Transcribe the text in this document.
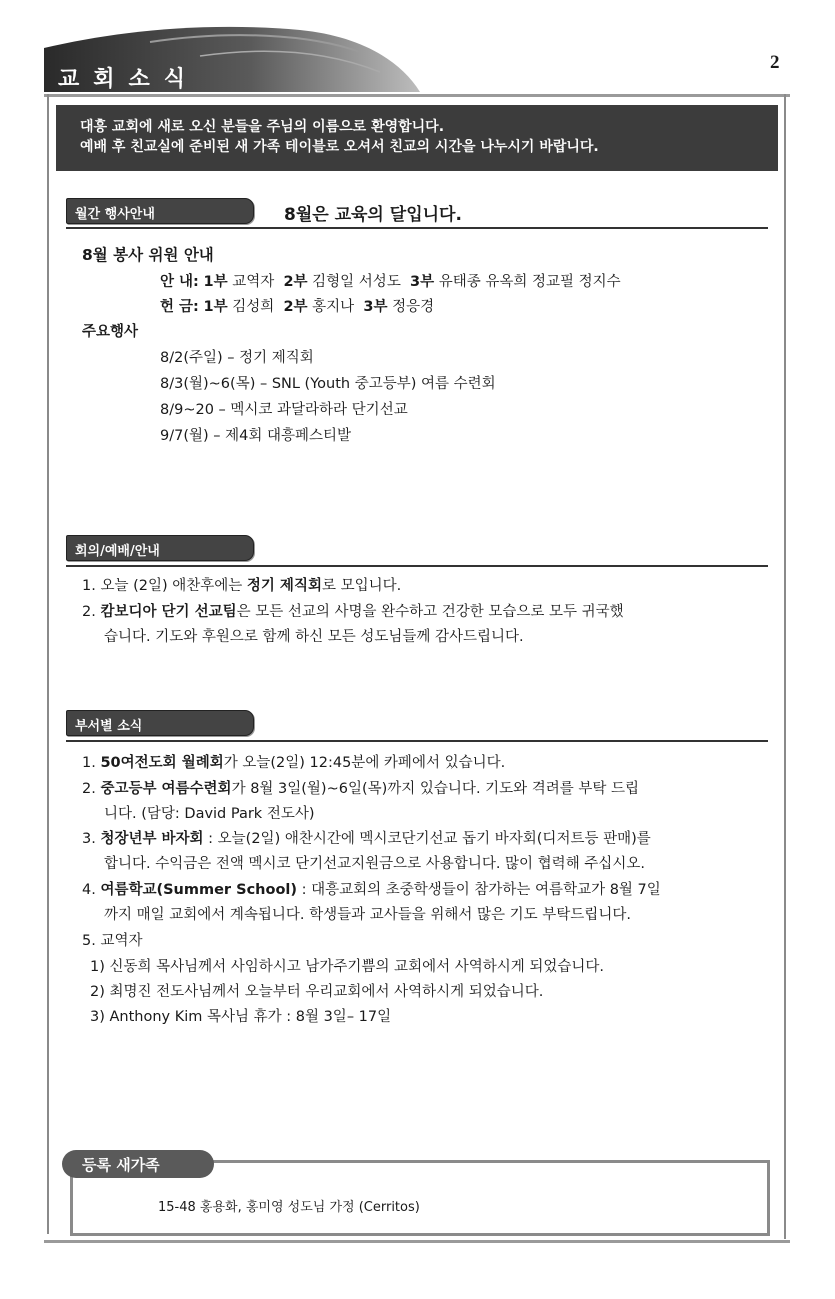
교회소식
2
대흥 교회에 새로 오신 분들을 주님의 이름으로 환영합니다.
예배 후 친교실에 준비된 새 가족 테이블로 오셔서 친교의 시간을 나누시기 바랍니다.
월간 행사안내	8월은 교육의 달입니다.
8월 봉사 위원 안내
안 내: 1부 교역자 2부 김형일 서성도 3부 유태종 유옥희 정교필 정지수
헌 금: 1부 김성희 2부 홍지나 3부 정응경
주요행사
8/2(주일) – 정기 제직회
8/3(월)~6(목) – SNL (Youth 중고등부) 여름 수련회
8/9~20 – 멕시코 과달라하라 단기선교
9/7(월) – 제4회 대흥페스티발
회의/예배/안내
1. 오늘 (2일) 애찬후에는 정기 제직회로 모입니다.
2. 캄보디아 단기 선교팀은 모든 선교의 사명을 완수하고 건강한 모습으로 모두 귀국했
습니다. 기도와 후원으로 함께 하신 모든 성도님들께 감사드립니다.
부서별 소식
1. 50여전도회 월례회가 오늘(2일) 12:45분에 카페에서 있습니다.
2. 중고등부 여름수련회가 8월 3일(월)~6일(목)까지 있습니다. 기도와 격려를 부탁 드립
니다. (담당: David Park 전도사)
3. 청장년부 바자회 : 오늘(2일) 애찬시간에 멕시코단기선교 돕기 바자회(디저트등 판매)를
합니다. 수익금은 전액 멕시코 단기선교지원금으로 사용합니다. 많이 협력해 주십시오.
4. 여름학교(Summer School) : 대흥교회의 초중학생들이 참가하는 여름학교가 8월 7일
까지 매일 교회에서 계속됩니다. 학생들과 교사들을 위해서 많은 기도 부탁드립니다.
5. 교역자
1) 신동희 목사님께서 사임하시고 남가주기쁨의 교회에서 사역하시게 되었습니다.
2) 최명진 전도사님께서 오늘부터 우리교회에서 사역하시게 되었습니다.
3) Anthony Kim 목사님 휴가 : 8월 3일– 17일
등록 새가족
15-48 홍용화, 홍미영 성도님 가정 (Cerritos)
